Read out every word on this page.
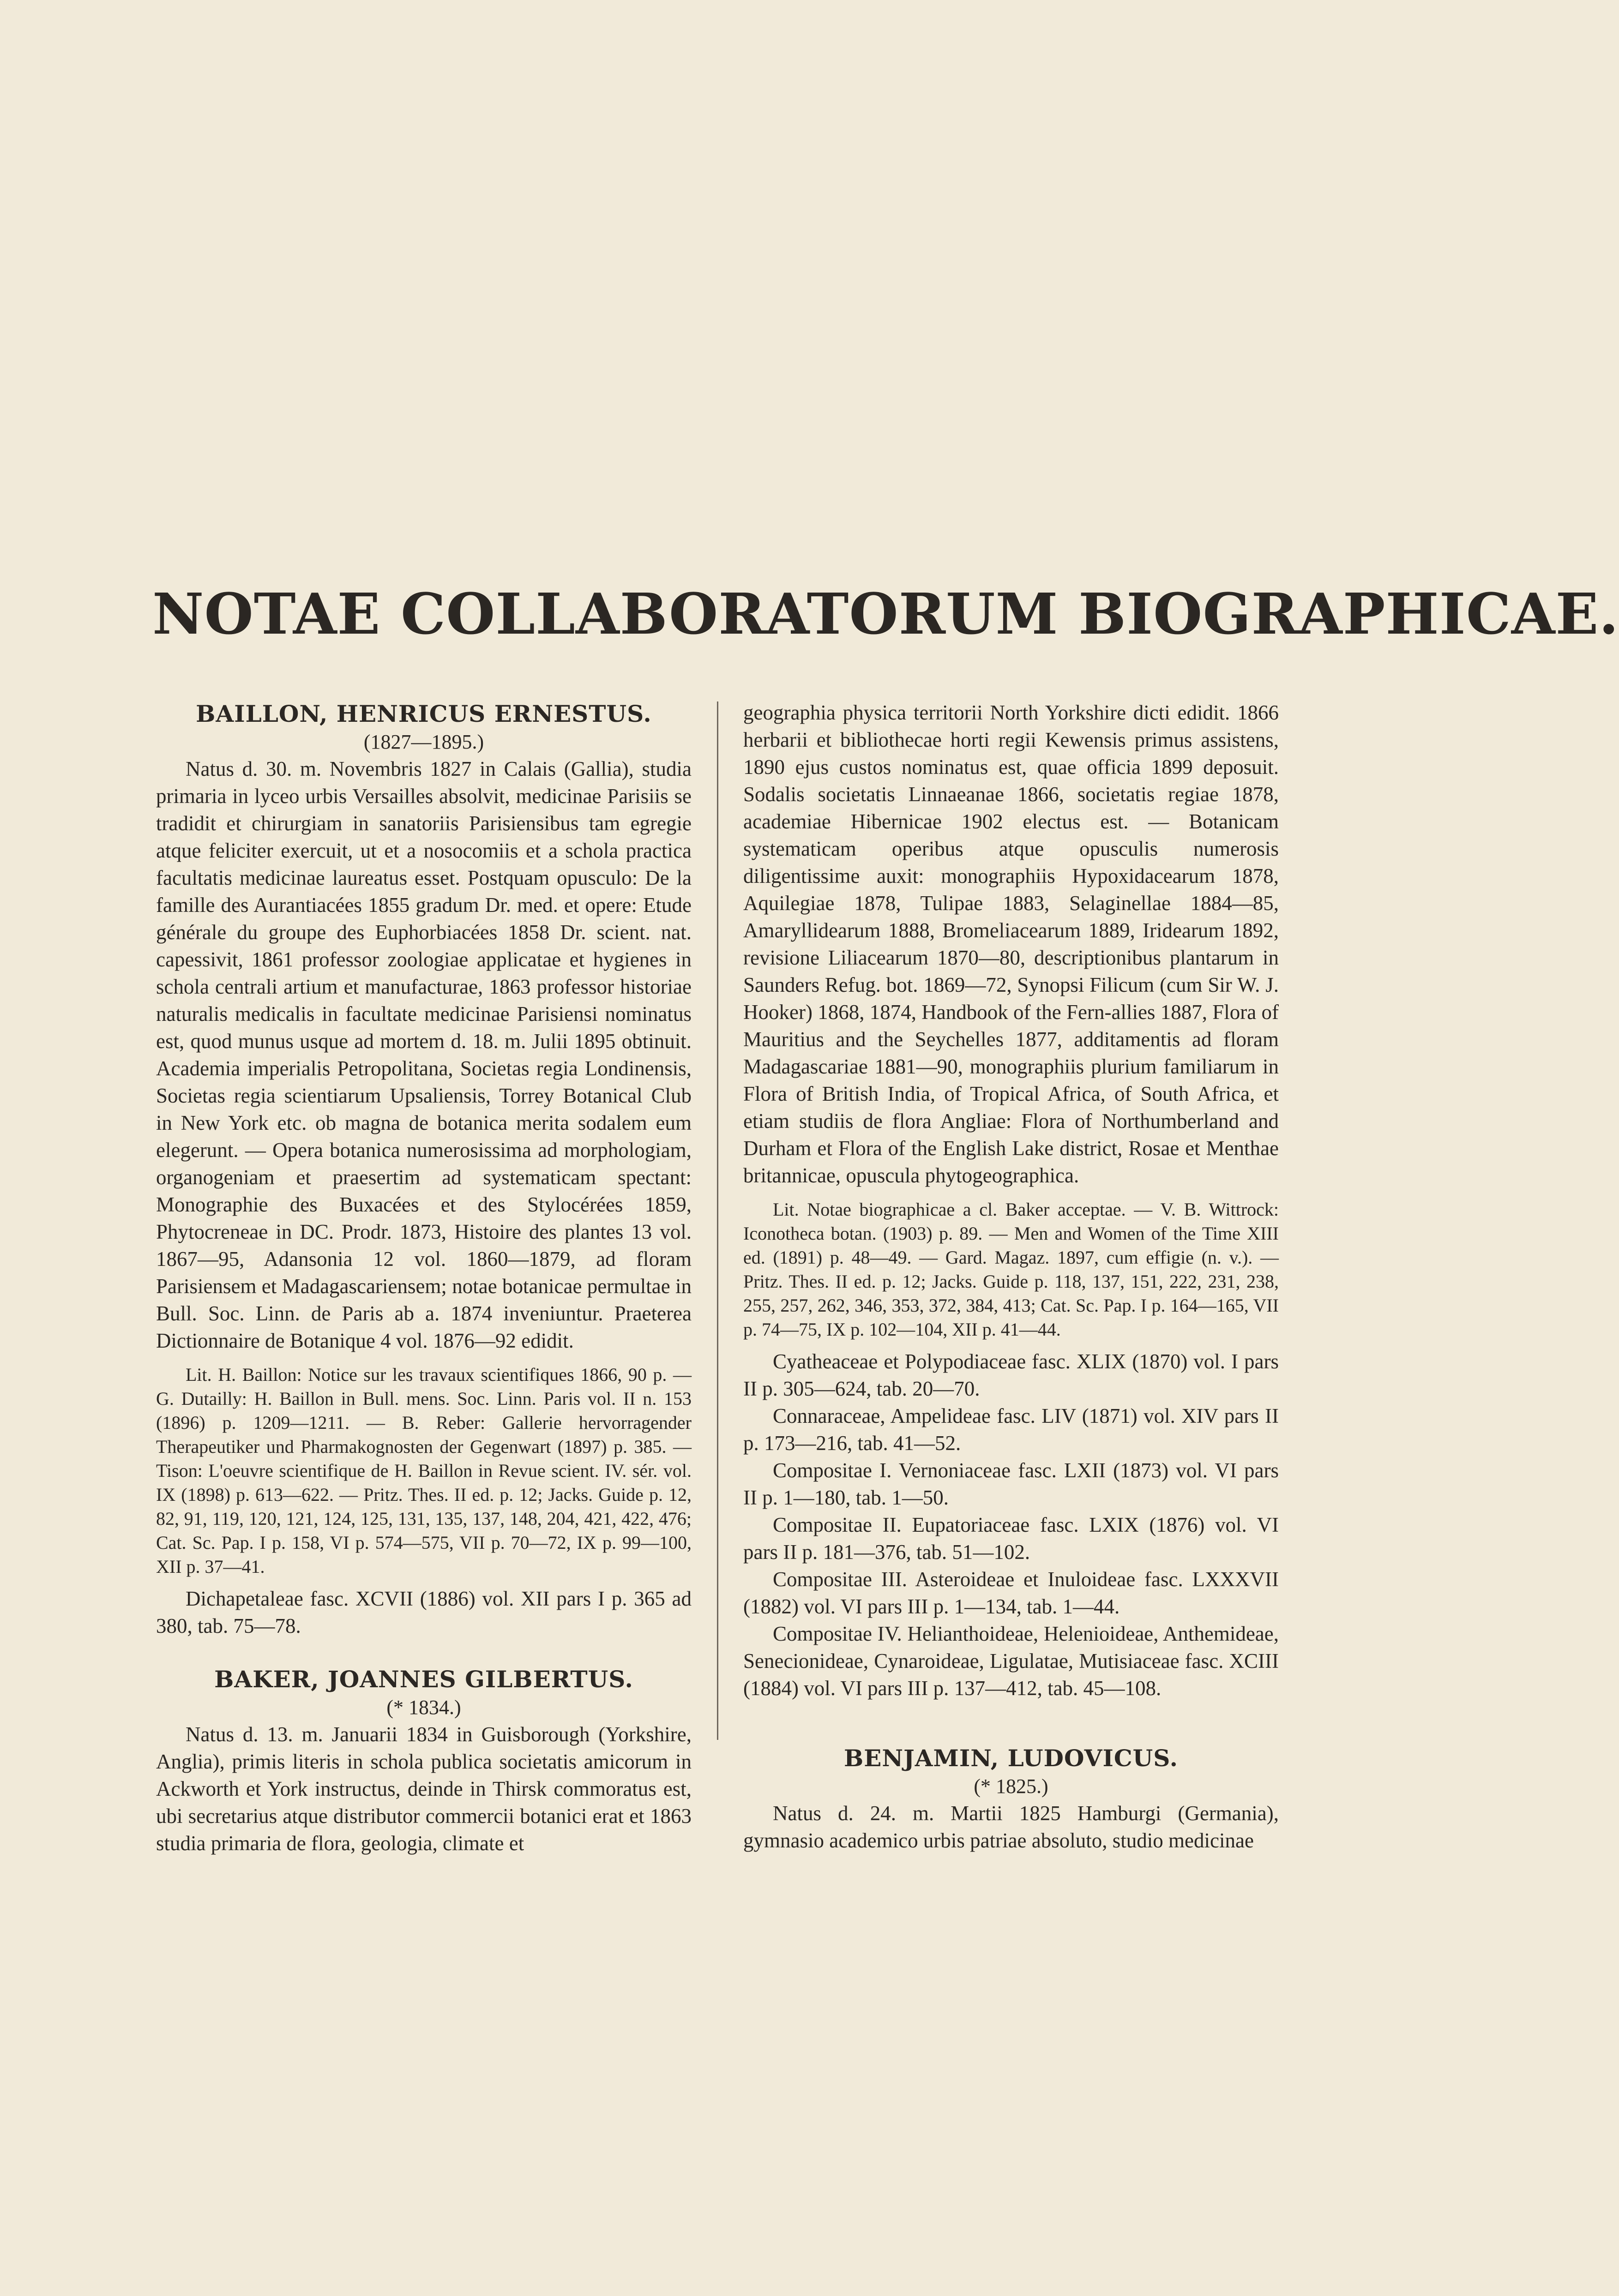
NOTAE COLLABORATORUM BIOGRAPHICAE.

BAILLON, HENRICUS ERNESTUS.

(1827—1895.)

Natus d. 30. m. Novembris 1827 in Calais (Gallia), studia primaria in lyceo urbis Versailles absolvit, medicinae Parisiis se tradidit et chirurgiam in sanatoriis Parisiensibus tam egregie atque feliciter exercuit, ut et a nosocomiis et a schola practica facultatis medicinae laureatus esset. Postquam opusculo: De la famille des Aurantiacées 1855 gradum Dr. med. et opere: Etude générale du groupe des Euphorbiacées 1858 Dr. scient. nat. capessivit, 1861 professor zoologiae applicatae et hygienes in schola centrali artium et manufacturae, 1863 professor historiae naturalis medicalis in facultate medicinae Parisiensi nominatus est, quod munus usque ad mortem d. 18. m. Julii 1895 obtinuit. Academia imperialis Petropolitana, Societas regia Londinensis, Societas regia scientiarum Upsaliensis, Torrey Botanical Club in New York etc. ob magna de botanica merita sodalem eum elegerunt. — Opera botanica numerosissima ad morphologiam, organogeniam et praesertim ad systematicam spectant: Monographie des Buxacées et des Stylocérées 1859, Phytocreneae in DC. Prodr. 1873, Histoire des plantes 13 vol. 1867—95, Adansonia 12 vol. 1860—1879, ad floram Parisiensem et Madagascariensem; notae botanicae permultae in Bull. Soc. Linn. de Paris ab a. 1874 inveniuntur. Praeterea Dictionnaire de Botanique 4 vol. 1876—92 edidit.

Lit. H. Baillon: Notice sur les travaux scientifiques 1866, 90 p. — G. Dutailly: H. Baillon in Bull. mens. Soc. Linn. Paris vol. II n. 153 (1896) p. 1209—1211. — B. Reber: Gallerie hervorragender Therapeutiker und Pharmakognosten der Gegenwart (1897) p. 385. — Tison: L'oeuvre scientifique de H. Baillon in Revue scient. IV. sér. vol. IX (1898) p. 613—622. — Pritz. Thes. II ed. p. 12; Jacks. Guide p. 12, 82, 91, 119, 120, 121, 124, 125, 131, 135, 137, 148, 204, 421, 422, 476; Cat. Sc. Pap. I p. 158, VI p. 574—575, VII p. 70—72, IX p. 99—100, XII p. 37—41.

Dichapetaleae fasc. XCVII (1886) vol. XII pars I p. 365 ad 380, tab. 75—78.

BAKER, JOANNES GILBERTUS.

(* 1834.)

Natus d. 13. m. Januarii 1834 in Guisborough (Yorkshire, Anglia), primis literis in schola publica societatis amicorum in Ackworth et York instructus, deinde in Thirsk commoratus est, ubi secretarius atque distributor commercii botanici erat et 1863 studia primaria de flora, geologia, climate et

geographia physica territorii North Yorkshire dicti edidit. 1866 herbarii et bibliothecae horti regii Kewensis primus assistens, 1890 ejus custos nominatus est, quae officia 1899 deposuit. Sodalis societatis Linnaeanae 1866, societatis regiae 1878, academiae Hibernicae 1902 electus est. — Botanicam systematicam operibus atque opusculis numerosis diligentissime auxit: monographiis Hypoxidacearum 1878, Aquilegiae 1878, Tulipae 1883, Selaginellae 1884—85, Amaryllidearum 1888, Bromeliacearum 1889, Iridearum 1892, revisione Liliacearum 1870—80, descriptionibus plantarum in Saunders Refug. bot. 1869—72, Synopsi Filicum (cum Sir W. J. Hooker) 1868, 1874, Handbook of the Fern-allies 1887, Flora of Mauritius and the Seychelles 1877, additamentis ad floram Madagascariae 1881—90, monographiis plurium familiarum in Flora of British India, of Tropical Africa, of South Africa, et etiam studiis de flora Angliae: Flora of Northumberland and Durham et Flora of the English Lake district, Rosae et Menthae britannicae, opuscula phytogeographica.

Lit. Notae biographicae a cl. Baker acceptae. — V. B. Wittrock: Iconotheca botan. (1903) p. 89. — Men and Women of the Time XIII ed. (1891) p. 48—49. — Gard. Magaz. 1897, cum effigie (n. v.). — Pritz. Thes. II ed. p. 12; Jacks. Guide p. 118, 137, 151, 222, 231, 238, 255, 257, 262, 346, 353, 372, 384, 413; Cat. Sc. Pap. I p. 164—165, VII p. 74—75, IX p. 102—104, XII p. 41—44.

Cyatheaceae et Polypodiaceae fasc. XLIX (1870) vol. I pars II p. 305—624, tab. 20—70.

Connaraceae, Ampelideae fasc. LIV (1871) vol. XIV pars II p. 173—216, tab. 41—52.

Compositae I. Vernoniaceae fasc. LXII (1873) vol. VI pars II p. 1—180, tab. 1—50.

Compositae II. Eupatoriaceae fasc. LXIX (1876) vol. VI pars II p. 181—376, tab. 51—102.

Compositae III. Asteroideae et Inuloideae fasc. LXXXVII (1882) vol. VI pars III p. 1—134, tab. 1—44.

Compositae IV. Helianthoideae, Helenioideae, Anthemideae, Senecionideae, Cynaroideae, Ligulatae, Mutisiaceae fasc. XCIII (1884) vol. VI pars III p. 137—412, tab. 45—108.

BENJAMIN, LUDOVICUS.

(* 1825.)

Natus d. 24. m. Martii 1825 Hamburgi (Germania), gymnasio academico urbis patriae absoluto, studio medicinae
